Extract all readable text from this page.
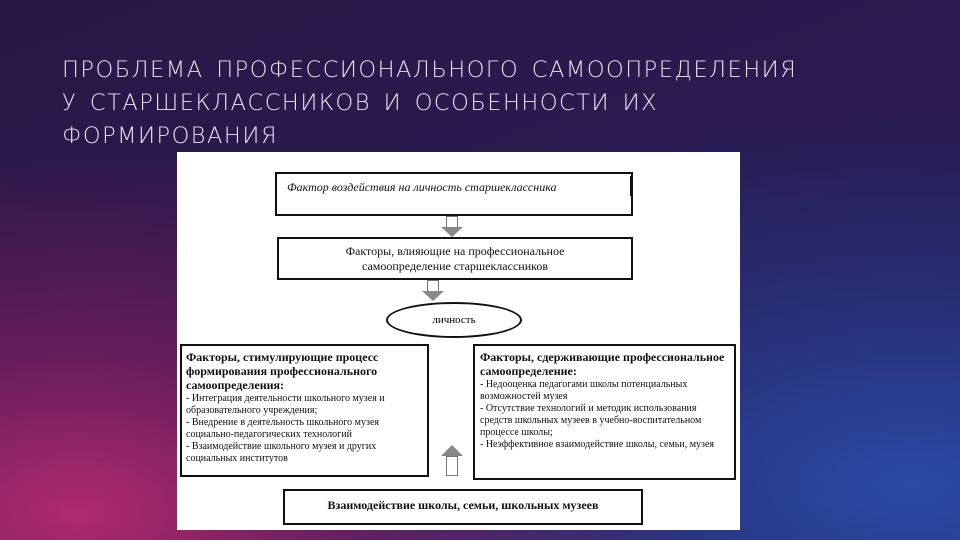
ПРОБЛЕМА ПРОФЕССИОНАЛЬНОГО САМООПРЕДЕЛЕНИЯ
У СТАРШЕКЛАССНИКОВ И ОСОБЕННОСТИ ИХ
ФОРМИРОВАНИЯ
Фактор воздействия на личность старшеклассника

Факторы, влияющие на профессиональное

самоопределение старшеклассников

личность

Факторы, стимулирующие процесс формирования профессионального самоопределения:

- Интеграция деятельности школьного музея и образовательного учреждения;

- Внедрение в деятельность школьного музея социально-педагогических технологий

- Взаимодействие школьного музея и других социальных институтов

Факторы, сдерживающие профессиональное самоопределение:

- Недооценка педагогами школы потенциальных возможностей музея

- Отсутствие технологий и методик использования средств школьных музеев в учебно-воспитательном процессе школы;

- Неэффективное взаимодействие школы, семьи, музея

Взаимодействие школы, семьи, школьных музеев
